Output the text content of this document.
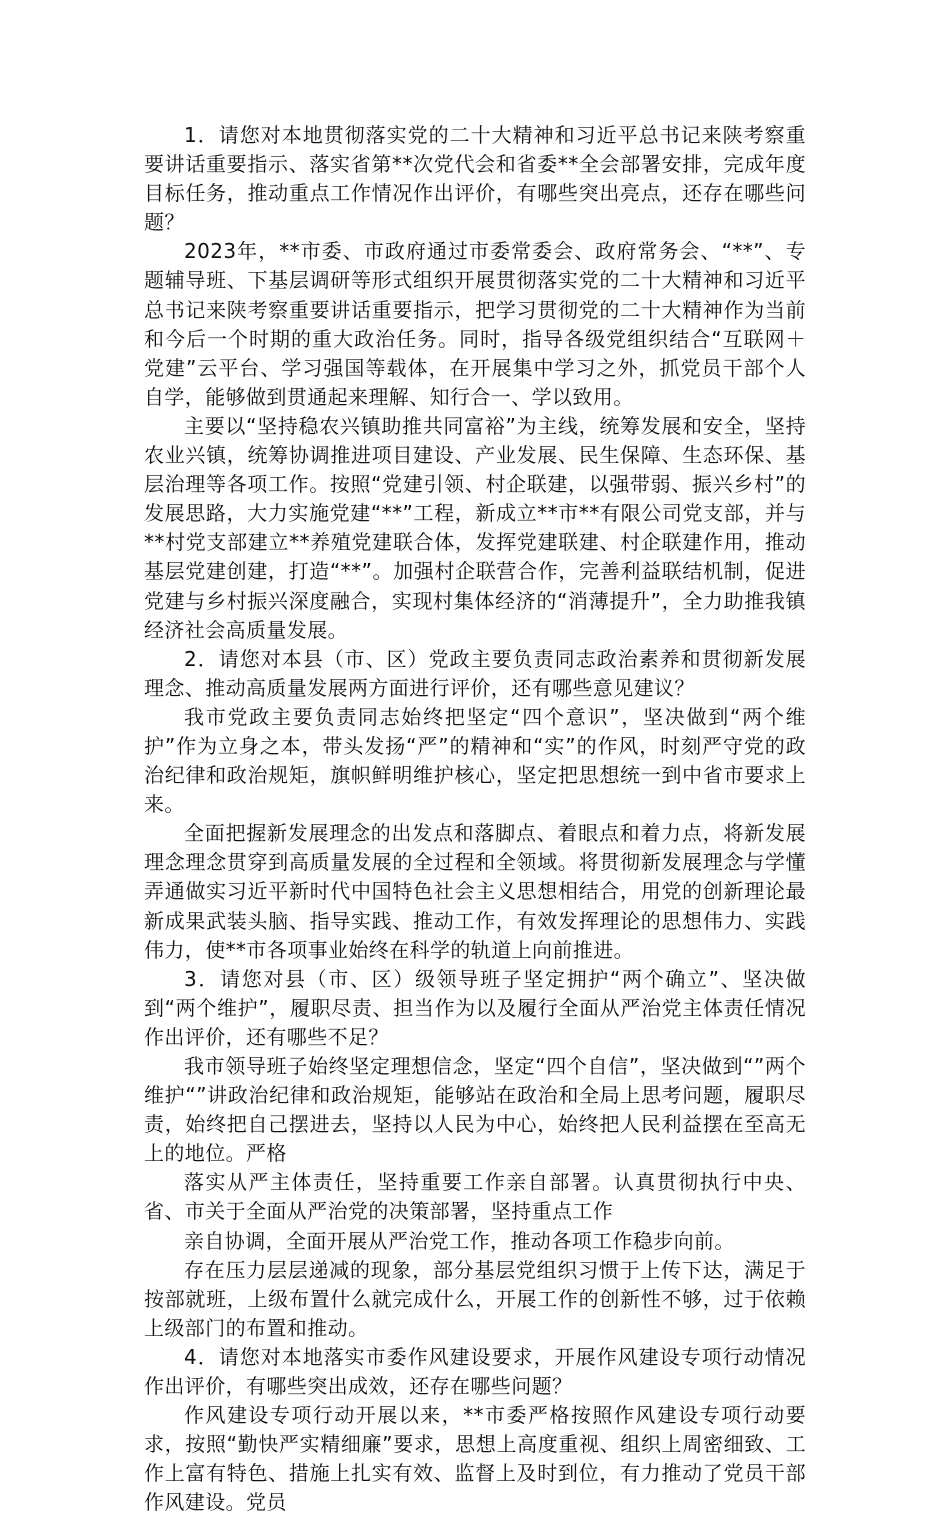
1．请您对本地贯彻落实党的二十大精神和习近平总书记来陕考察重要讲话重要指示、落实省第**次党代会和省委**全会部署安排，完成年度目标任务，推动重点工作情况作出评价，有哪些突出亮点，还存在哪些问题？

2023年，**市委、市政府通过市委常委会、政府常务会、“**”、专题辅导班、下基层调研等形式组织开展贯彻落实党的二十大精神和习近平总书记来陕考察重要讲话重要指示，把学习贯彻党的二十大精神作为当前和今后一个时期的重大政治任务。同时，指导各级党组织结合“互联网＋党建”云平台、学习强国等载体，在开展集中学习之外，抓党员干部个人自学，能够做到贯通起来理解、知行合一、学以致用。

主要以“坚持稳农兴镇助推共同富裕”为主线，统筹发展和安全，坚持农业兴镇，统筹协调推进项目建设、产业发展、民生保障、生态环保、基层治理等各项工作。按照“党建引领、村企联建，以强带弱、振兴乡村”的发展思路，大力实施党建“**”工程，新成立**市**有限公司党支部，并与**村党支部建立**养殖党建联合体，发挥党建联建、村企联建作用，推动基层党建创建，打造“**”。加强村企联营合作，完善利益联结机制，促进党建与乡村振兴深度融合，实现村集体经济的“消薄提升”，全力助推我镇经济社会高质量发展。

2．请您对本县（市、区）党政主要负责同志政治素养和贯彻新发展理念、推动高质量发展两方面进行评价，还有哪些意见建议？

我市党政主要负责同志始终把坚定“四个意识”，坚决做到“两个维护”作为立身之本，带头发扬“严”的精神和“实”的作风，时刻严守党的政治纪律和政治规矩，旗帜鲜明维护核心，坚定把思想统一到中省市要求上来。

全面把握新发展理念的出发点和落脚点、着眼点和着力点，将新发展理念理念贯穿到高质量发展的全过程和全领域。将贯彻新发展理念与学懂弄通做实习近平新时代中国特色社会主义思想相结合，用党的创新理论最新成果武装头脑、指导实践、推动工作，有效发挥理论的思想伟力、实践伟力，使**市各项事业始终在科学的轨道上向前推进。

3．请您对县（市、区）级领导班子坚定拥护“两个确立”、坚决做到“两个维护”，履职尽责、担当作为以及履行全面从严治党主体责任情况作出评价，还有哪些不足？

我市领导班子始终坚定理想信念，坚定“四个自信”，坚决做到“”两个维护“”讲政治纪律和政治规矩，能够站在政治和全局上思考问题，履职尽责，始终把自己摆进去，坚持以人民为中心，始终把人民利益摆在至高无上的地位。严格

落实从严主体责任，坚持重要工作亲自部署。认真贯彻执行中央、省、市关于全面从严治党的决策部署，坚持重点工作

亲自协调，全面开展从严治党工作，推动各项工作稳步向前。

存在压力层层递减的现象，部分基层党组织习惯于上传下达，满足于按部就班，上级布置什么就完成什么，开展工作的创新性不够，过于依赖上级部门的布置和推动。

4．请您对本地落实市委作风建设要求，开展作风建设专项行动情况作出评价，有哪些突出成效，还存在哪些问题？

作风建设专项行动开展以来，**市委严格按照作风建设专项行动要求，按照“勤快严实精细廉”要求，思想上高度重视、组织上周密细致、工作上富有特色、措施上扎实有效、监督上及时到位，有力推动了党员干部作风建设。党员
